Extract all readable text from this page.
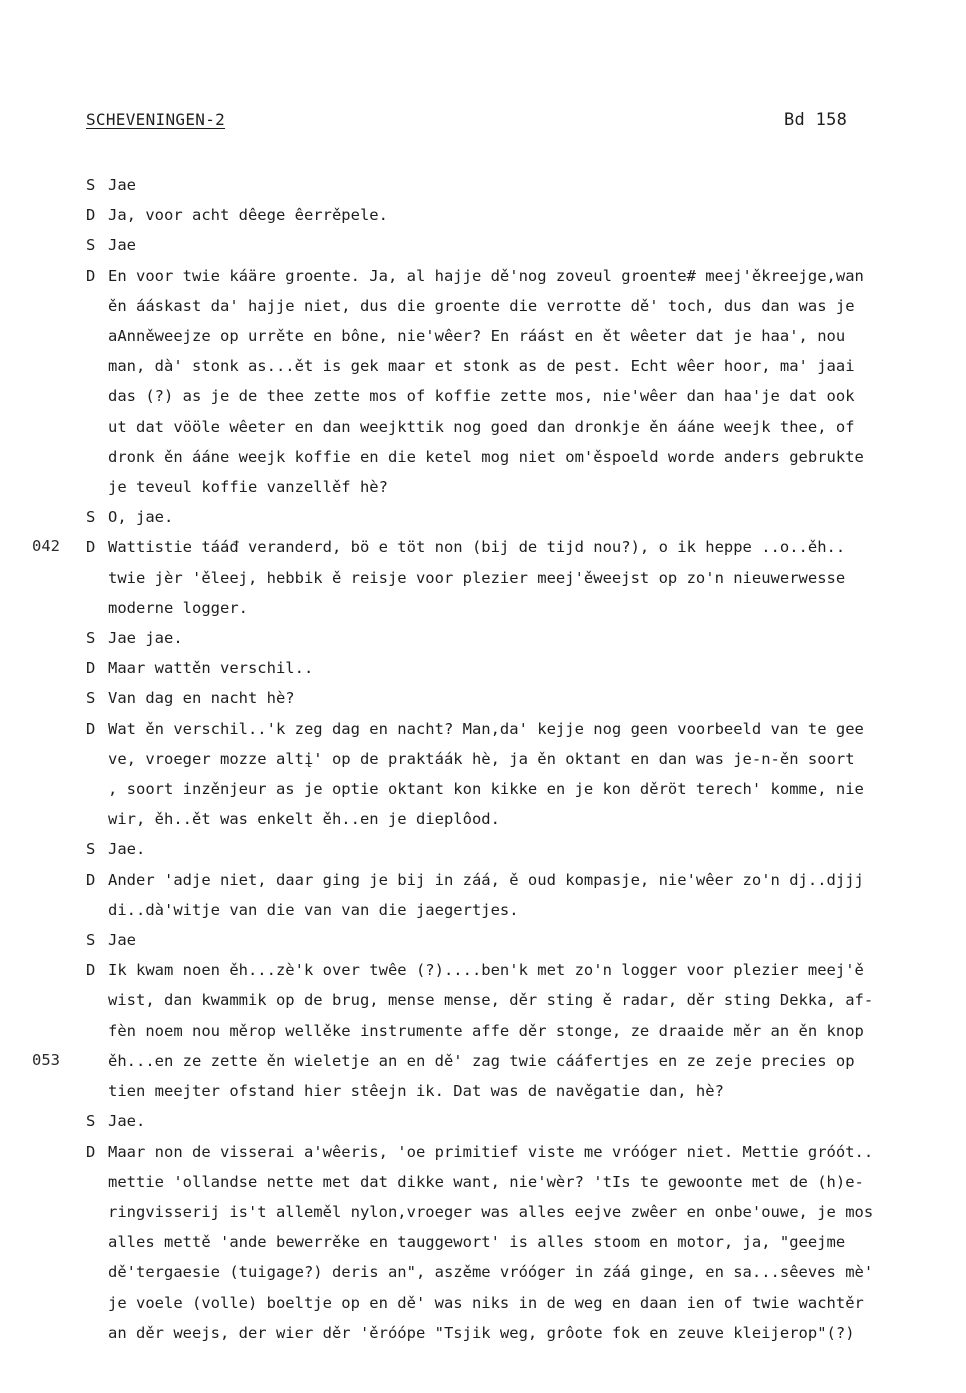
SCHEVENINGEN-2	Bd 158
042
053
S Jae
D Ja, voor acht dêege êerrěpele.
S Jae
D En voor twie káäre groente. Ja, al hajje dě'nog zoveul groente# meej'ěkreejge,wan
ěn ááskast da' hajje niet, dus die groente die verrotte dě' toch, dus dan was je
aAnněweejze op urrěte en bône, nie'wêer? En ráást en ět wêeter dat je haa', nou
man, dà' stonk as...ět is gek maar et stonk as de pest. Echt wêer hoor, ma' jaai
das (?) as je de thee zette mos of koffie zette mos, nie'wêer dan haa'je dat ook
ut dat vööle wêeter en dan weejkttik nog goed dan dronkje ěn ááne weejk thee, of
dronk ěn ááne weejk koffie en die ketel mog niet om'ěspoeld worde anders gebrukte
je teveul koffie vanzellěf hè?
S O, jae.
D Wattistie tááđ veranderd, bö e töt non (bij de tijd nou?), o ik heppe ..o..ěh..
twie jèr 'ěleej, hebbik ě reisje voor plezier meej'ěweejst op zo'n nieuwerwesse
moderne logger.
S Jae jae.
D Maar wattěn verschil..
S Van dag en nacht hè?
D Wat ěn verschil..'k zeg dag en nacht? Man,da' kejje nog geen voorbeeld van te gee
ve, vroeger mozze altį' op de praktáák hè, ja ěn oktant en dan was je-n-ěn soort
, soort inzěnjeur as je optie oktant kon kikke en je kon děröt terech' komme, nie
wir, ěh..ět was enkelt ěh..en je dieplôod.
S Jae.
D Ander 'adje niet, daar ging je bij in záá, ě oud kompasje, nie'wêer zo'n dj..djjj
di..dà'witje van die van van die jaegertjes.
S Jae
D Ik kwam noen ěh...zè'k over twêe (?)....ben'k met zo'n logger voor plezier meej'ě
wist, dan kwammik op de brug, mense mense, děr sting ě radar, děr sting Dekka, af-
fèn noem nou měrop wellěke instrumente affe děr stonge, ze draaide měr an ěn knop
ěh...en ze zette ěn wieletje an en dě' zag twie cááfertjes en ze zeje precies op
tien meejter ofstand hier stêejn ik. Dat was de navěgatie dan, hè?
S Jae.
D Maar non de visserai a'wêeris, 'oe primitief viste me vróóger niet. Mettie gróót..
mettie 'ollandse nette met dat dikke want, nie'wèr? 'tIs te gewoonte met de (h)e-
ringvisserij is't alleměl nylon,vroeger was alles eejve zwêer en onbe'ouwe, je mos
alles mettě 'ande bewerrěke en tauggewort' is alles stoom en motor, ja, "geejme
dě'tergaesie (tuigage?) deris an", aszěme vróóger in záá ginge, en sa...sêeves mè'
je voele (volle) boeltje op en dě' was niks in de weg en daan ien of twie wachtěr
an děr weejs, der wier děr 'ěróópe "Tsjik weg, grôote fok en zeuve kleijerop"(?)
